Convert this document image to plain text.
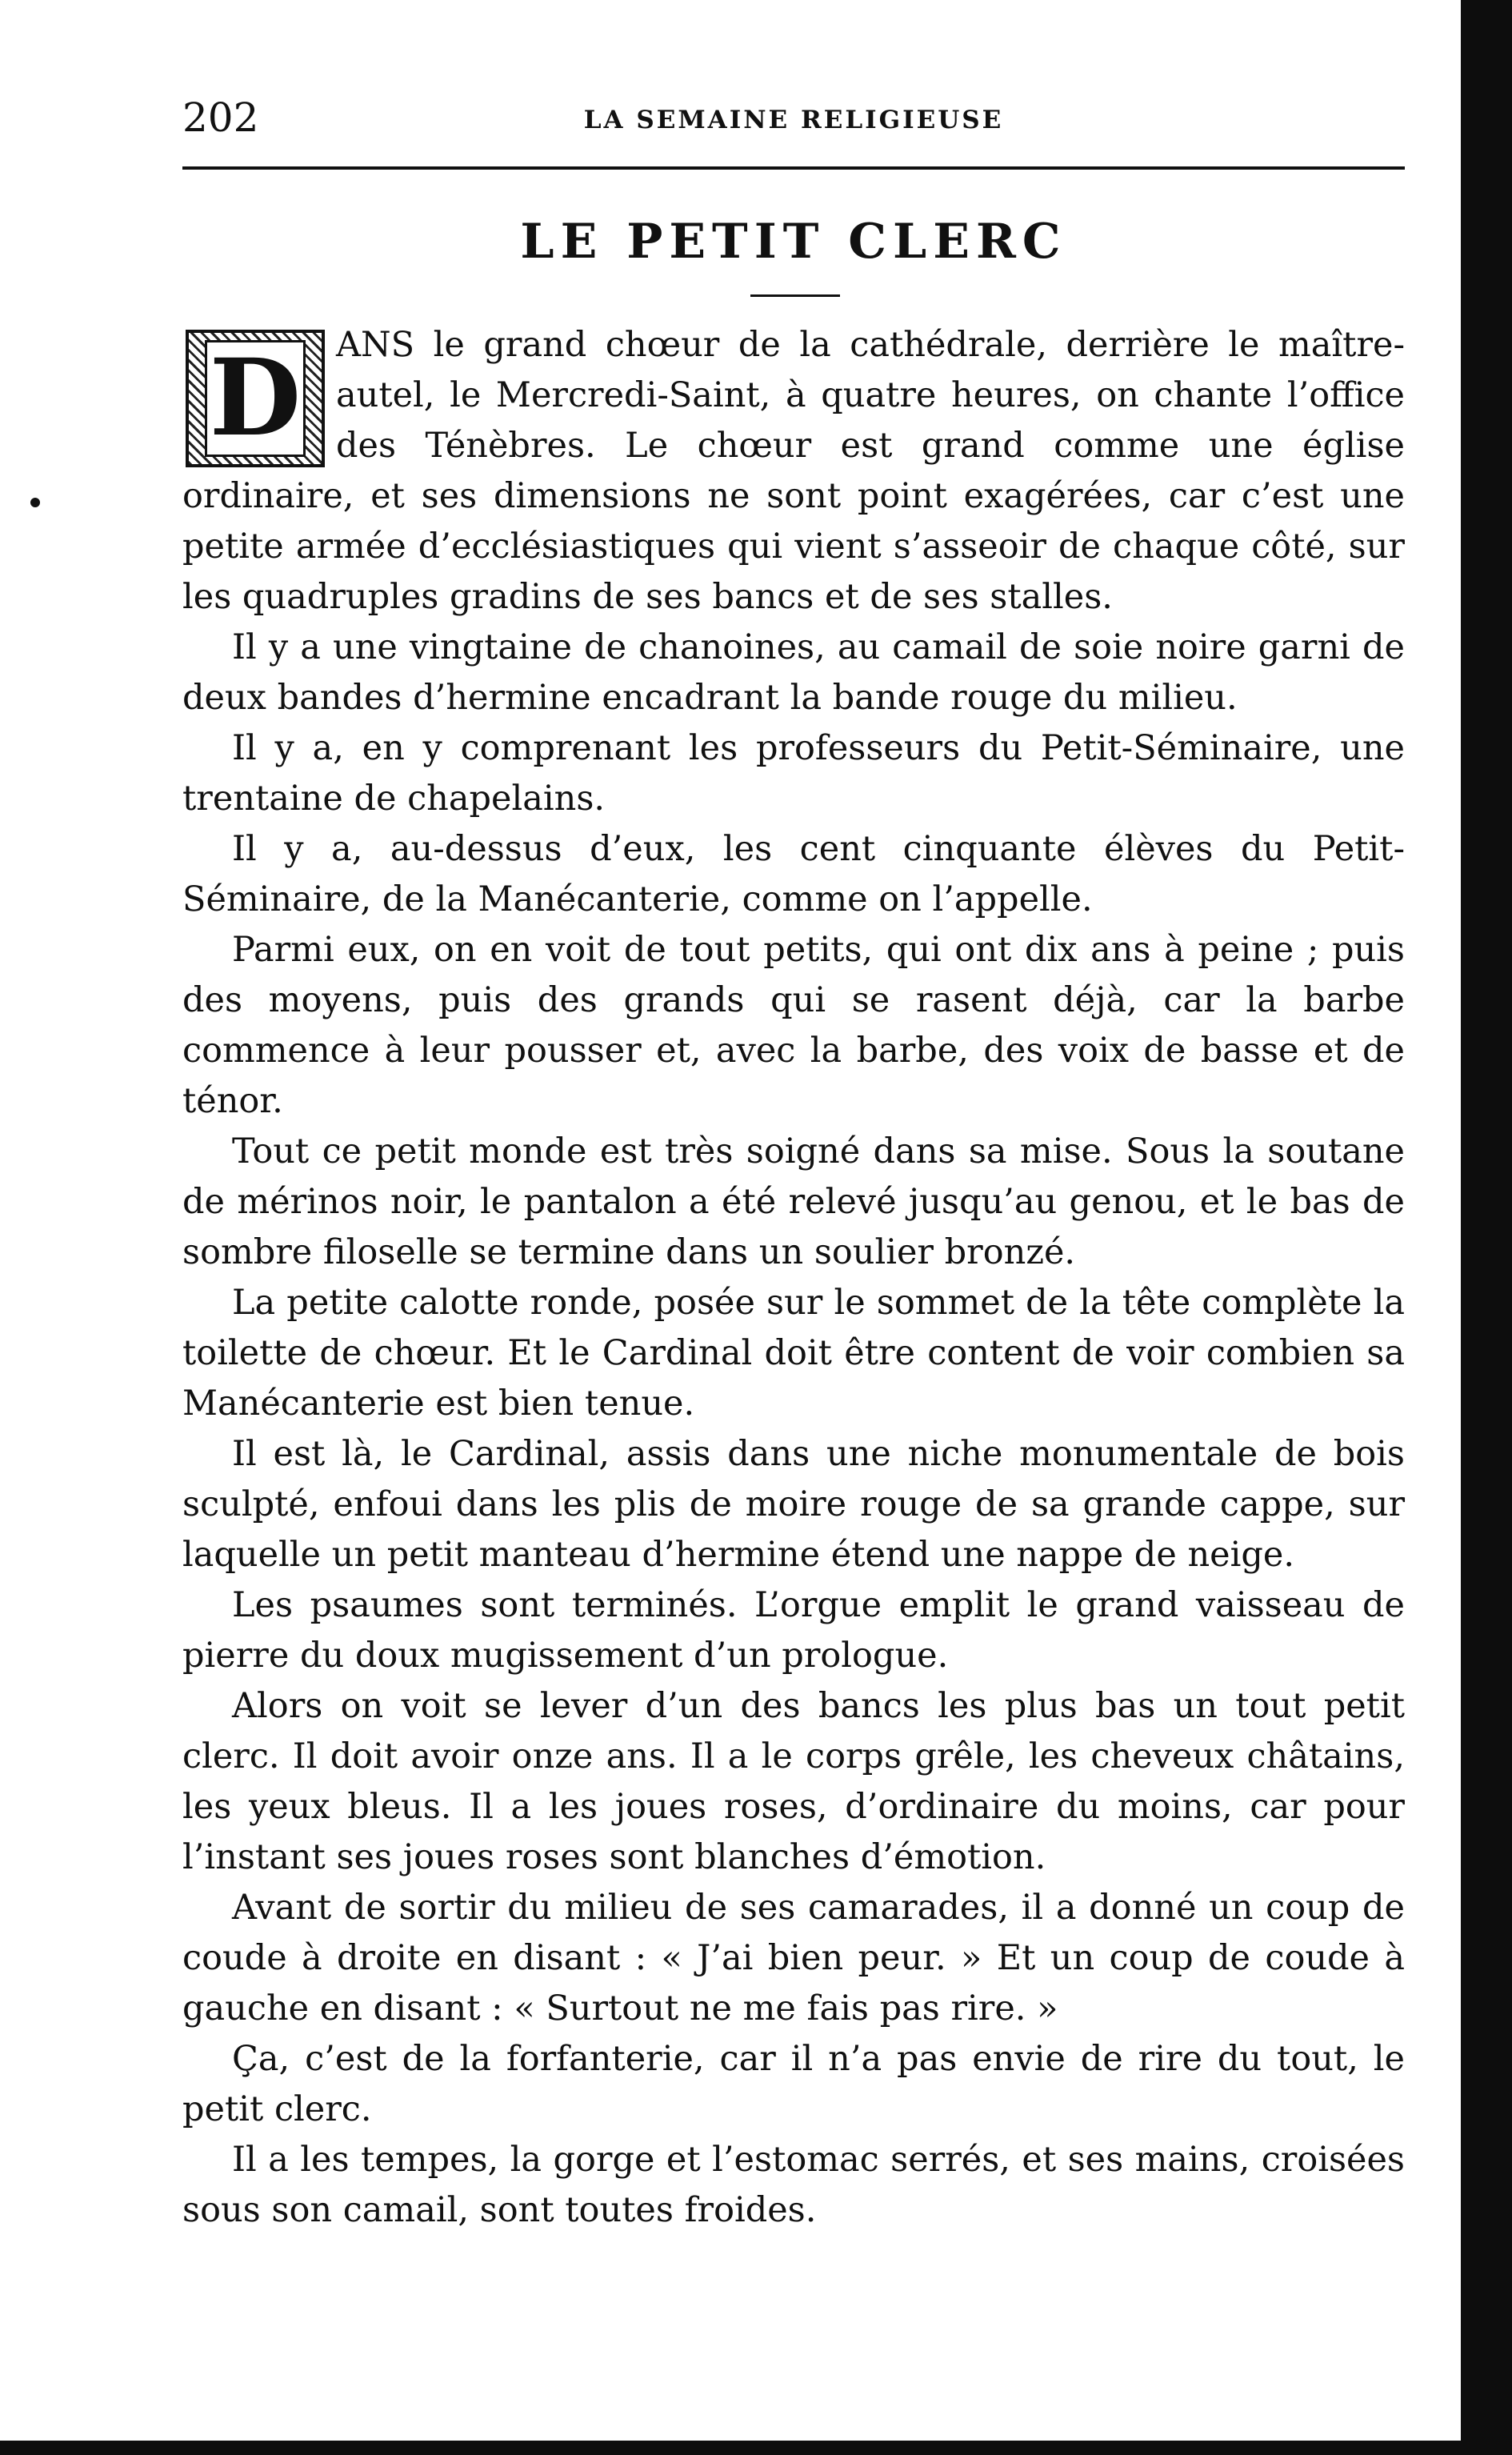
202	LA SEMAINE RELIGIEUSE
LE PETIT CLERC
D	ANS le grand chœur de la cathédrale, derrière le maître-autel, le Mercredi-Saint, à quatre heures, on chante l’office des Ténèbres. Le chœur est grand comme une église ordinaire, et ses dimensions ne sont point exagérées, car c’est une petite armée d’ecclésiastiques qui vient s’asseoir de chaque côté, sur les quadruples gradins de ses bancs et de ses stalles.

Il y a une vingtaine de chanoines, au camail de soie noire garni de deux bandes d’hermine encadrant la bande rouge du milieu.

Il y a, en y comprenant les professeurs du Petit-Séminaire, une trentaine de chapelains.

Il y a, au-dessus d’eux, les cent cinquante élèves du Petit-Séminaire, de la Manécanterie, comme on l’appelle.

Parmi eux, on en voit de tout petits, qui ont dix ans à peine ; puis des moyens, puis des grands qui se rasent déjà, car la barbe commence à leur pousser et, avec la barbe, des voix de basse et de ténor.

Tout ce petit monde est très soigné dans sa mise. Sous la soutane de mérinos noir, le pantalon a été relevé jusqu’au genou, et le bas de sombre filoselle se termine dans un soulier bronzé.

La petite calotte ronde, posée sur le sommet de la tête complète la toilette de chœur. Et le Cardinal doit être content de voir combien sa Manécanterie est bien tenue.

Il est là, le Cardinal, assis dans une niche monumentale de bois sculpté, enfoui dans les plis de moire rouge de sa grande cappe, sur laquelle un petit manteau d’hermine étend une nappe de neige.

Les psaumes sont terminés. L’orgue emplit le grand vaisseau de pierre du doux mugissement d’un prologue.

Alors on voit se lever d’un des bancs les plus bas un tout petit clerc. Il doit avoir onze ans. Il a le corps grêle, les cheveux châtains, les yeux bleus. Il a les joues roses, d’ordinaire du moins, car pour l’instant ses joues roses sont blanches d’émotion.

Avant de sortir du milieu de ses camarades, il a donné un coup de coude à droite en disant : « J’ai bien peur. » Et un coup de coude à gauche en disant : « Surtout ne me fais pas rire. »

Ça, c’est de la forfanterie, car il n’a pas envie de rire du tout, le petit clerc.

Il a les tempes, la gorge et l’estomac serrés, et ses mains, croisées sous son camail, sont toutes froides.
